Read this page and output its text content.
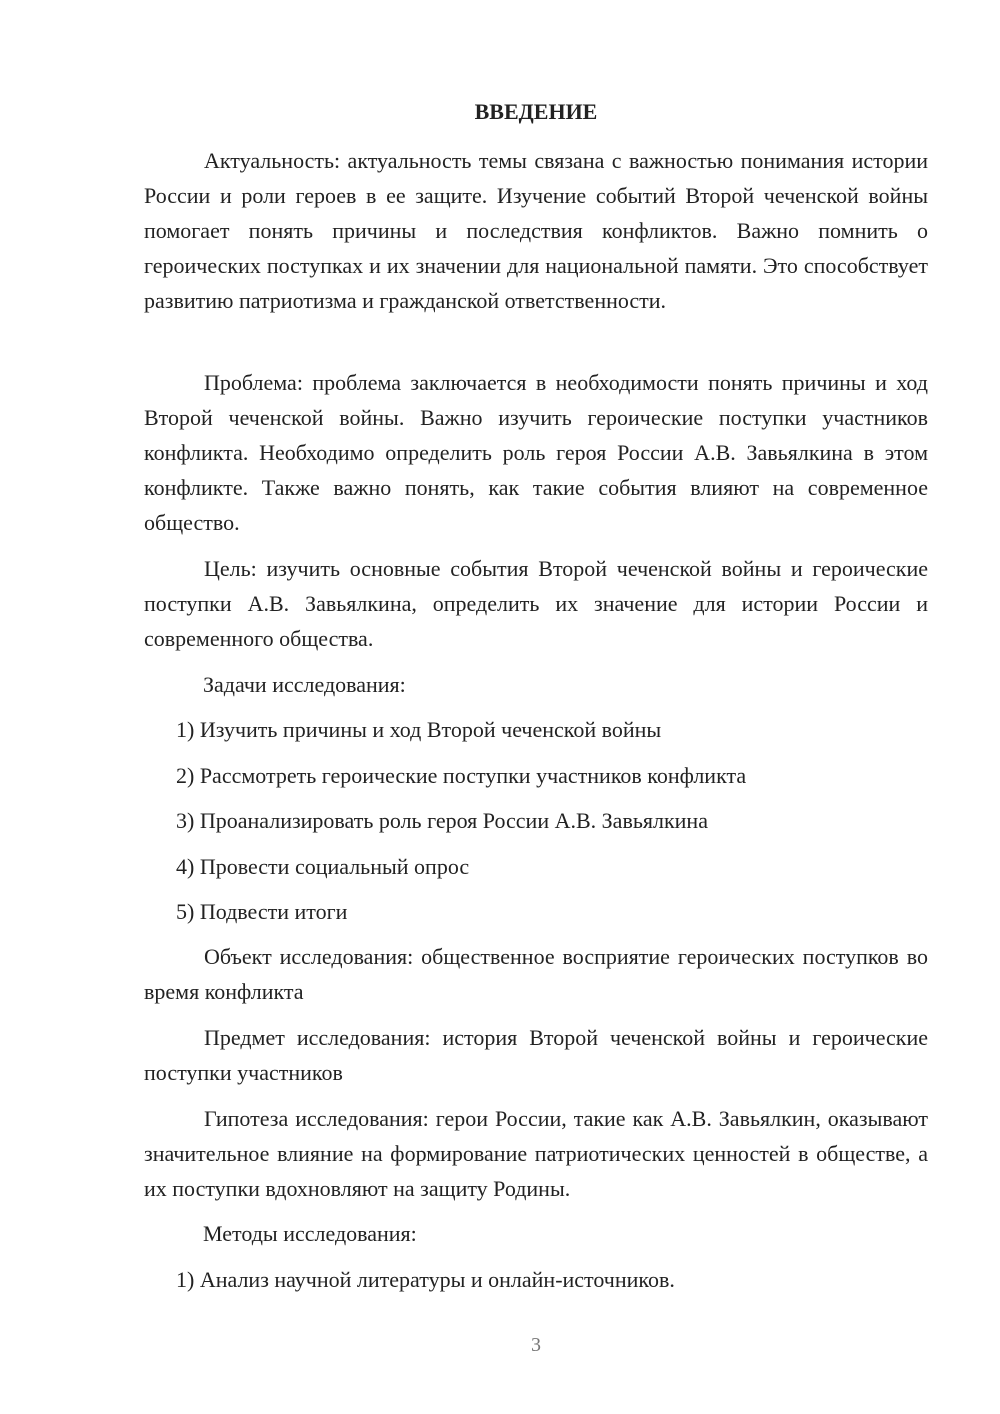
ВВЕДЕНИЕ

Актуальность: актуальность темы связана с важностью понимания истории России и роли героев в ее защите. Изучение событий Второй чеченской войны помогает понять причины и последствия конфликтов. Важно помнить о героических поступках и их значении для национальной памяти. Это способствует развитию патриотизма и гражданской ответственности.

Проблема: проблема заключается в необходимости понять причины и ход Второй чеченской войны. Важно изучить героические поступки участников конфликта. Необходимо определить роль героя России А.В. Завьялкина в этом конфликте. Также важно понять, как такие события влияют на современное общество.

Цель: изучить основные события Второй чеченской войны и героические поступки А.В. Завьялкина, определить их значение для истории России и современного общества.

Задачи исследования:

1) Изучить причины и ход Второй чеченской войны

2) Рассмотреть героические поступки участников конфликта

3) Проанализировать роль героя России А.В. Завьялкина

4) Провести социальный опрос

5) Подвести итоги

Объект исследования: общественное восприятие героических поступков во время конфликта

Предмет исследования: история Второй чеченской войны и героические поступки участников

Гипотеза исследования: герои России, такие как А.В. Завьялкин, оказывают значительное влияние на формирование патриотических ценностей в обществе, а их поступки вдохновляют на защиту Родины.

Методы исследования:

1) Анализ научной литературы и онлайн-источников.

3
